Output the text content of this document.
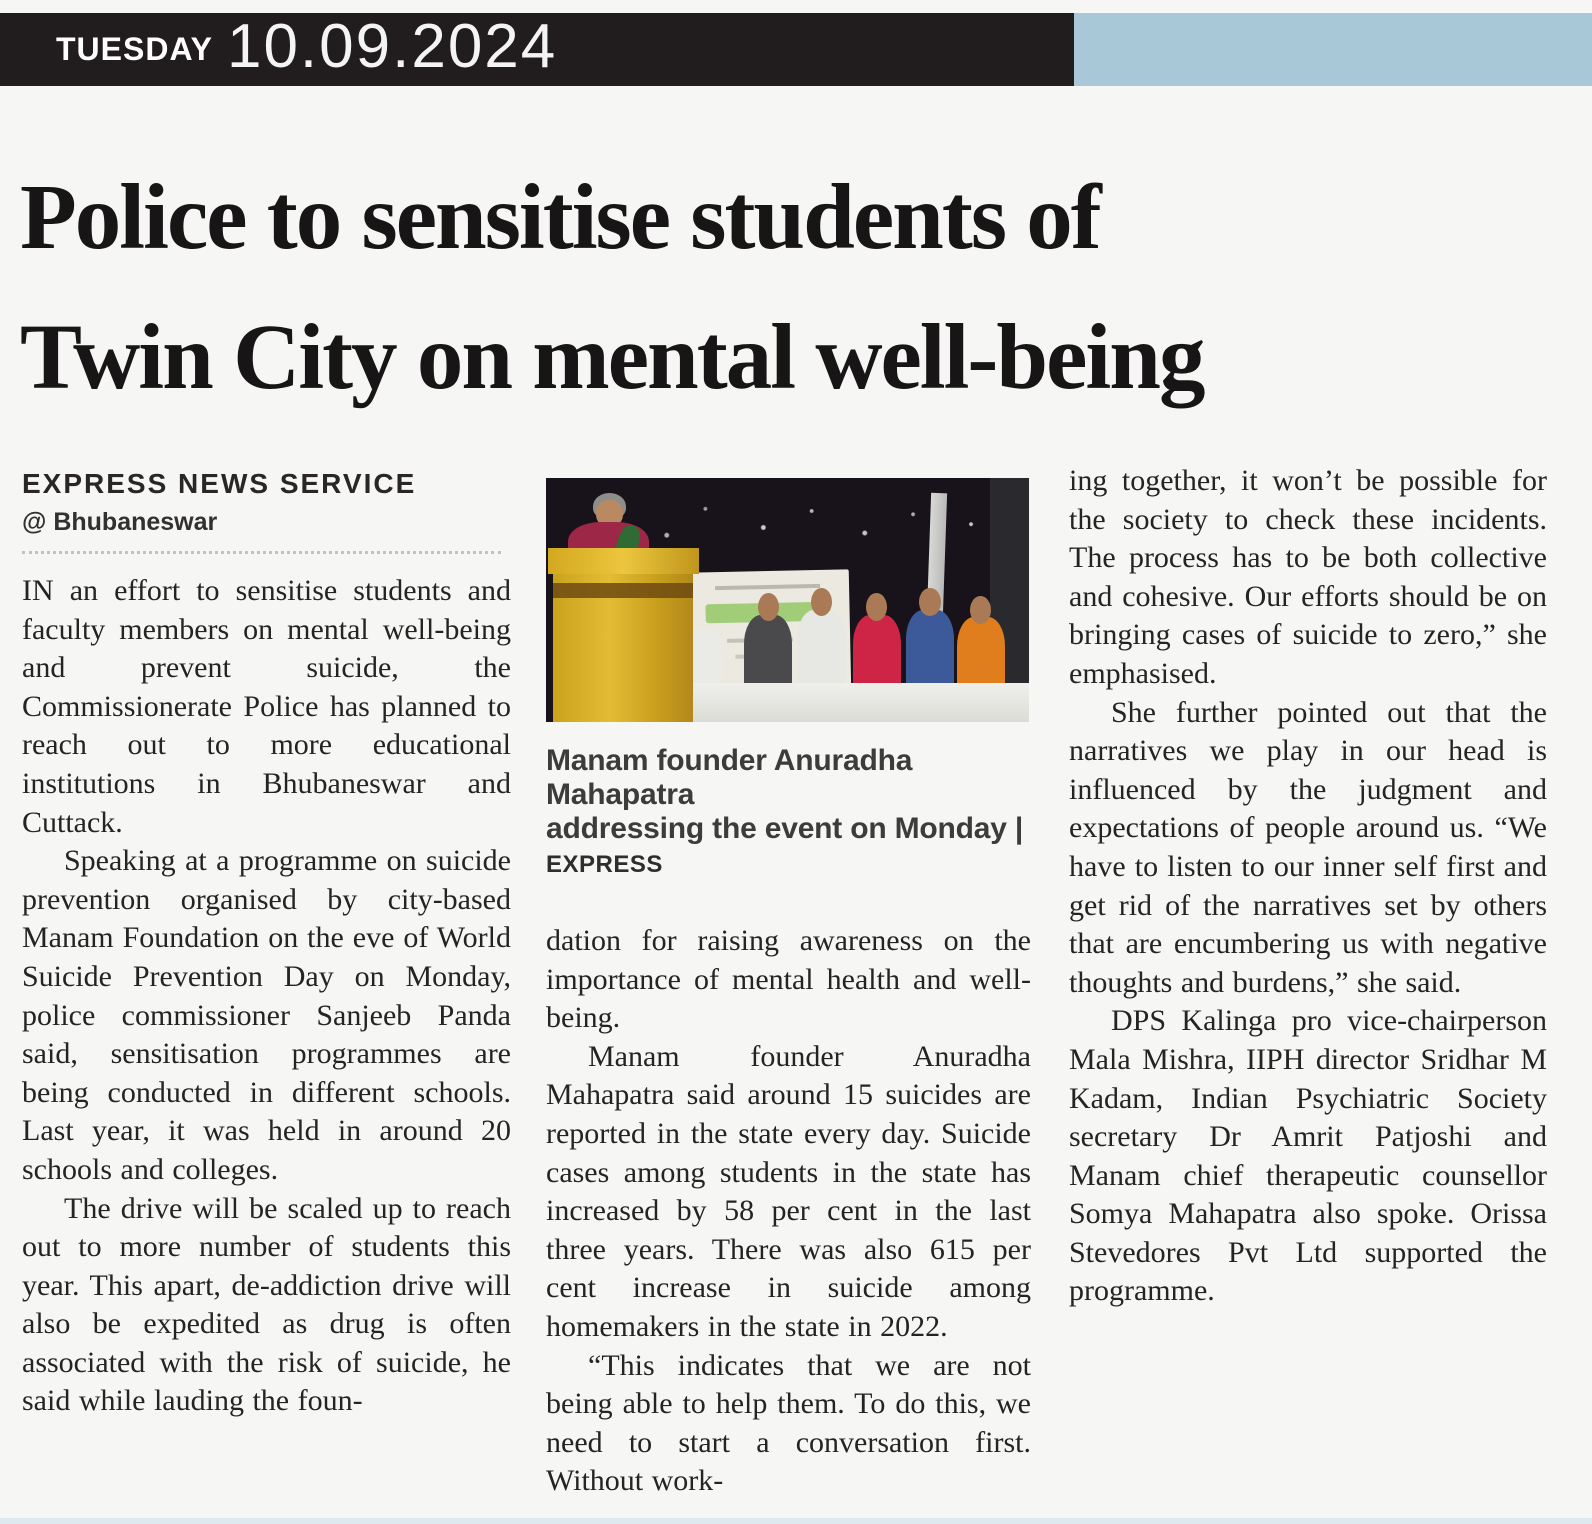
TUESDAY 10.09.2024
Police to sensitise students of
Twin City on mental well-being
EXPRESS NEWS SERVICE
@ Bhubaneswar

IN an effort to sensitise students and faculty members on mental well-being and prevent suicide, the Commissionerate Police has planned to reach out to more educational institutions in Bhubaneswar and Cuttack.

Speaking at a programme on suicide prevention organised by city-based Manam Foundation on the eve of World Suicide Prevention Day on Monday, police commissioner Sanjeeb Panda said, sensitisation programmes are being conducted in different schools. Last year, it was held in around 20 schools and colleges.

The drive will be scaled up to reach out to more number of students this year. This apart, de-addiction drive will also be expedited as drug is often associated with the risk of suicide, he said while lauding the foun-

Manam founder Anuradha Mahapatra
addressing the event on Monday | EXPRESS

dation for raising awareness on the importance of mental health and well-being.

Manam founder Anuradha Mahapatra said around 15 suicides are reported in the state every day. Suicide cases among students in the state has increased by 58 per cent in the last three years. There was also 615 per cent increase in suicide among homemakers in the state in 2022.

“This indicates that we are not being able to help them. To do this, we need to start a conversation first. Without work-

ing together, it won’t be possible for the society to check these incidents. The process has to be both collective and cohesive. Our efforts should be on bringing cases of suicide to zero,” she emphasised.

She further pointed out that the narratives we play in our head is influenced by the judgment and expectations of people around us. “We have to listen to our inner self first and get rid of the narratives set by others that are encumbering us with negative thoughts and burdens,” she said.

DPS Kalinga pro vice-chairperson Mala Mishra, IIPH director Sridhar M Kadam, Indian Psychiatric Society secretary Dr Amrit Patjoshi and Manam chief therapeutic counsellor Somya Mahapatra also spoke. Orissa Stevedores Pvt Ltd supported the programme.
